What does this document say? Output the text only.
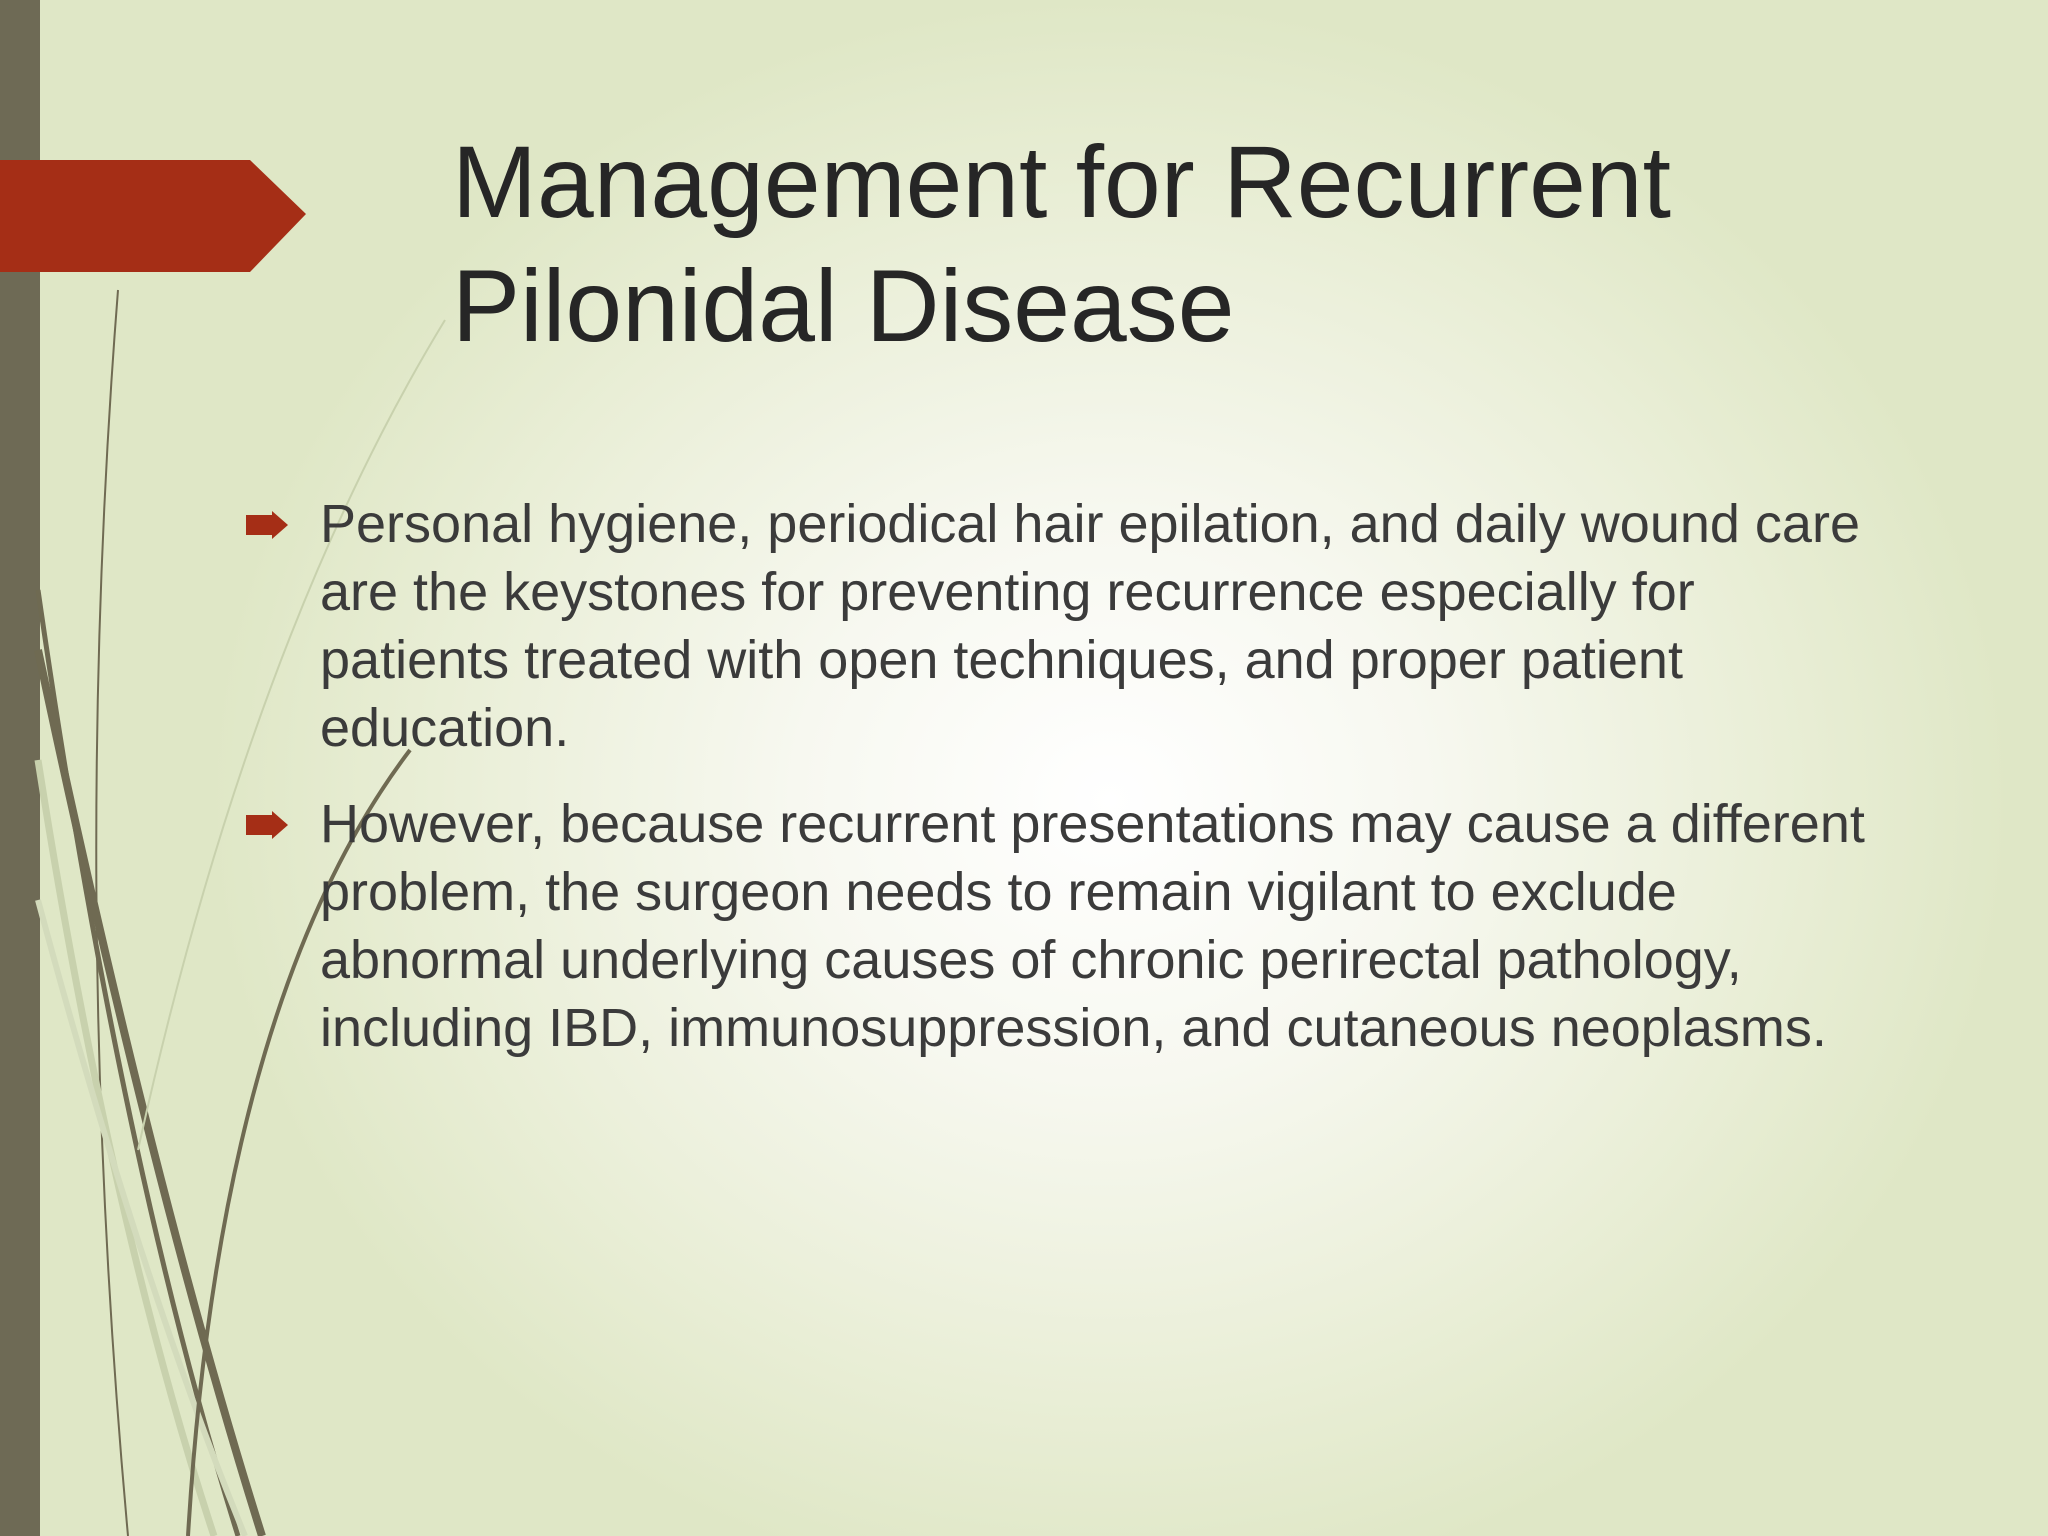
Management for Recurrent Pilonidal Disease
Personal hygiene, periodical hair epilation, and daily wound care are the keystones for preventing recurrence especially for patients treated with open techniques, and proper patient education.
However, because recurrent presentations may cause a different problem, the surgeon needs to remain vigilant to exclude abnormal underlying causes of chronic perirectal pathology, including IBD, immunosuppression, and cutaneous neoplasms.
